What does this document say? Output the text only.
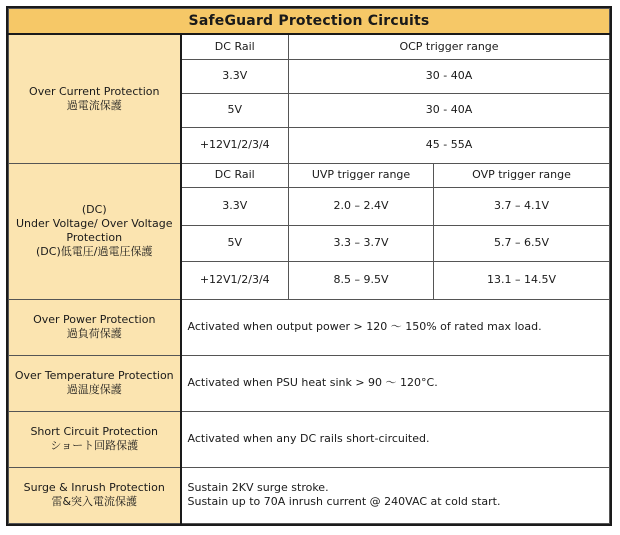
SafeGuard Protection Circuits			

Over Current Protection
過電流保護	DC Rail	OCP trigger range	
	3.3V	30 - 40A	
	5V	30 - 40A	
	+12V1/2/3/4	45 - 55A	

(DC)
Under Voltage/ Over Voltage
Protection
(DC)低電圧/過電圧保護	DC Rail	UVP trigger range	OVP trigger range
	3.3V	2.0 – 2.4V	3.7 – 4.1V
	5V	3.3 – 3.7V	5.7 – 6.5V
	+12V1/2/3/4	8.5 – 9.5V	13.1 – 14.5V

Over Power Protection
過負荷保護	Activated when output power > 120 ～ 150% of rated max load.		

Over Temperature Protection
過温度保護	Activated when PSU heat sink > 90 ～ 120°C.		

Short Circuit Protection
ショート回路保護	Activated when any DC rails short-circuited.		

Surge & Inrush Protection
雷&突入電流保護	Sustain 2KV surge stroke.
Sustain up to 70A inrush current @ 240VAC at cold start.		
